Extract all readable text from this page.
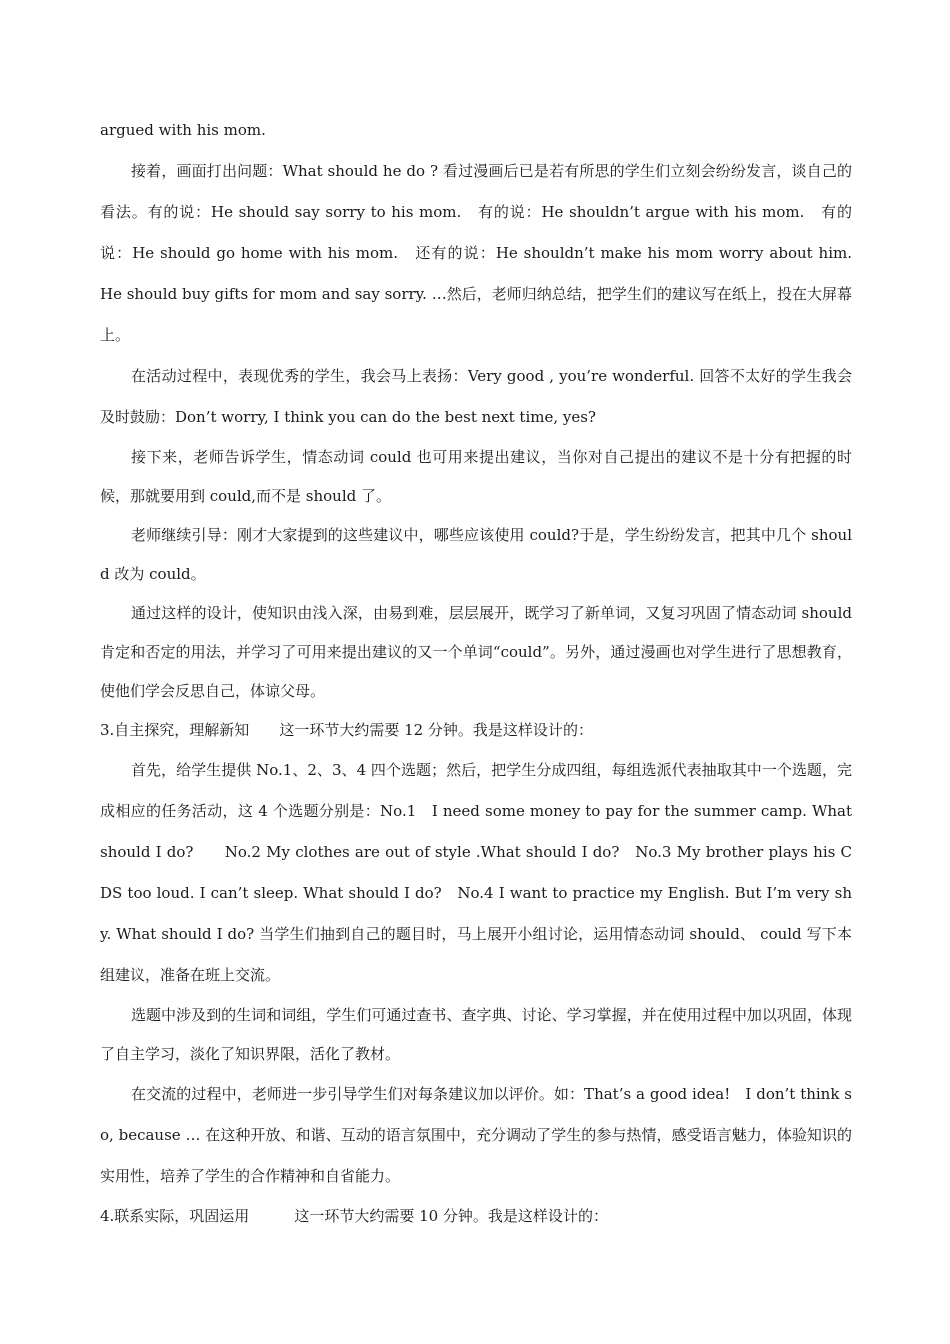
argued with his mom.

接着，画面打出问题：What should he do ? 看过漫画后已是若有所思的学生们立刻会纷纷发言，谈自己的看法。有的说：He should say sorry to his mom.　有的说：He shouldn’t argue with his mom.　有的说：He should go home with his mom.　还有的说：He shouldn’t make his mom worry about him.　He should buy gifts for mom and say sorry. …然后，老师归纳总结，把学生们的建议写在纸上，投在大屏幕上。

在活动过程中，表现优秀的学生，我会马上表扬：Very good , you’re wonderful. 回答不太好的学生我会及时鼓励：Don’t worry, I think you can do the best next time, yes?

接下来，老师告诉学生，情态动词 could 也可用来提出建议，当你对自己提出的建议不是十分有把握的时候，那就要用到 could,而不是 should 了。

老师继续引导：刚才大家提到的这些建议中，哪些应该使用 could?于是，学生纷纷发言，把其中几个 should 改为 could。

通过这样的设计，使知识由浅入深，由易到难，层层展开，既学习了新单词，又复习巩固了情态动词 should 肯定和否定的用法，并学习了可用来提出建议的又一个单词“could”。另外，通过漫画也对学生进行了思想教育，使他们学会反思自己，体谅父母。

3.自主探究，理解新知　　这一环节大约需要 12 分钟。我是这样设计的：

首先，给学生提供 No.1、2、3、4 四个选题；然后，把学生分成四组，每组选派代表抽取其中一个选题，完成相应的任务活动，这 4 个选题分别是：No.1　I need some money to pay for the summer camp. What should I do?　　No.2 My clothes are out of style .What should I do?　No.3 My brother plays his CDS too loud. I can’t sleep. What should I do?　No.4 I want to practice my English. But I’m very shy. What should I do? 当学生们抽到自己的题目时，马上展开小组讨论，运用情态动词 should、 could 写下本组建议，准备在班上交流。

选题中涉及到的生词和词组，学生们可通过查书、查字典、讨论、学习掌握，并在使用过程中加以巩固，体现了自主学习，淡化了知识界限，活化了教材。

在交流的过程中，老师进一步引导学生们对每条建议加以评价。如：That’s a good idea!　I don’t think so, because … 在这种开放、和谐、互动的语言氛围中，充分调动了学生的参与热情，感受语言魅力，体验知识的实用性，培养了学生的合作精神和自省能力。

4.联系实际，巩固运用　　　这一环节大约需要 10 分钟。我是这样设计的：
